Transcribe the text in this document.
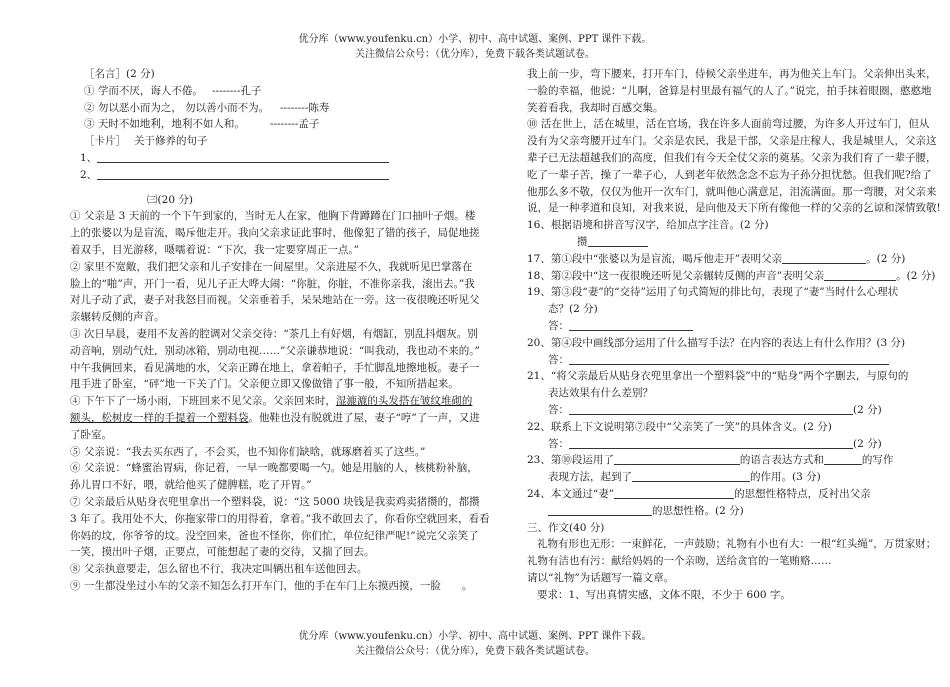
优分库（www.youfenku.cn）小学、初中、高中试题、案例、PPT 课件下载。
关注微信公众号：（优分库），免费下载各类试题试卷。
［名言］(2 分)
① 学而不厌，诲人不倦。 --------孔子
② 勿以恶小而为之， 勿以善小而不为。 --------陈寿
③ 天时不如地利，地利不如人和。 --------孟子
［卡片］ 关于修养的句子
1、
2、
㈢(20 分)
① 父亲是 3 天前的一个下午到家的，当时无人在家，他胸下背蹲蹲在门口抽叶子烟。楼
上的张婆以为是盲流，喝斥他走开。我向父亲求证此事时，他像犯了错的孩子，局促地搓
着双手，目光游移，嗫嚅着说：“下次，我一定要穿周正一点。”
② 家里不宽敞，我们把父亲和儿子安排在一间屋里。父亲进屋不久，我就听见巴掌落在
脸上的“啪”声，开门一看，见儿子正大哗大闹：“你脏，你脏，不准你亲我，滚出去。”我
对儿子动了武，妻子对我怒目而视。父亲垂着手，呆呆地站在一旁。这一夜很晚还听见父
亲辗转反侧的声音。
③ 次日早晨，妻用不友善的腔调对父亲交待：“茶几上有好烟，有烟缸，别乱抖烟灰。别
动音响，别动气灶，别动冰箱，别动电视……”父亲谦恭地说：“叫我动，我也动不来的。”
中午我俩回来，看见满地的水，父亲正蹲在地上，拿着帕子，手忙脚乱地擦地板。妻子一
甩手进了卧室，“砰”地一下关了门。父亲便立即又像做错了事一般，不知所措起来。
④ 下午下了一场小雨，下班回来不见父亲。父亲回来时，湿漉漉的头发搭在皱纹堆砌的
额头，松树皮一样的手提着一个塑料袋。他鞋也没有脱就进了屋，妻子“哼”了一声，又进
了卧室。
⑤ 父亲说：“我去买东西了，不会买，也不知你们缺啥，就琢磨着买了这些。”
⑥ 父亲说：“蜂蜜治胃病，你记着，一早一晚都要喝一勺。她是用脑的人，核桃粉补脑，
孙儿胃口不好，喂，就给他买了健脾糕，吃了开胃。”
⑦ 父亲最后从贴身衣兜里拿出一个塑料袋，说：“这 5000 块钱是我卖鸡卖猪攒的，都攒
3 年了。我用处不大，你拖家带口的用得着，拿着。”我不敢回去了，你看你空就回来，看看
你妈的坟，你爷爷的坟。没空回来，爸也不怪你，你们忙，单位纪律严呢!”说完父亲笑了
一笑，摸出叶子烟，正要点，可能想起了妻的交待，又揣了回去。
⑧ 父亲执意要走，怎么留也不行，我决定叫辆出租车送他回去。
⑨ 一生都没坐过小车的父亲不知怎么打开车门，他的手在车门上东摸西摸，一脸　　。
我上前一步，弯下腰来，打开车门，侍候父亲坐进车，再为他关上车门。父亲伸出头来，
一脸的幸福，他说：“儿啊，爸算是村里最有福气的人了。”说完，拍手抹着眼圈，憨憨地
笑着看我，我却时百感交集。
⑩ 活在世上，活在城里，活在官场，我在许多人面前弯过腰，为许多人开过车门，但从
没有为父亲弯腰开过车门。父亲是农民，我是干部，父亲是庄稼人，我是城里人，父亲这
辈子已无法超越我们的高度，但我们有今天全仗父亲的奠基。父亲为我们育了一辈子腰，
吃了一辈子苦，操了一辈子心，人到老年依然念念不忘为子孙分担忧愁。但我们呢?给了
他那么多不敬，仅仅为他开一次车门，就叫他心满意足，泪流满面。那一弯腰，对父亲来
说，是一种孝道和良知，对我来说，是向他及天下所有像他一样的父亲的乞谅和深情致敬!
16、根据语境和拼音写汉字，给加点字注音。(2 分)
攒
17、第①段中“张婆以为是盲流，喝斥他走开”表明父亲	。(2 分)
18、第②段中“这一夜很晚还听见父亲辗转反侧的声音”表明父亲	。(2 分)
19、第③段“妻”的“交待”运用了句式简短的排比句，表现了“妻”当时什么心理状
态？(2 分)
答：
20、第④段中画线部分运用了什么描写手法？在内容的表达上有什么作用？(3 分)
答：
21、“将父亲最后从贴身衣兜里拿出一个塑料袋”中的“贴身”两个字删去，与原句的
表达效果有什么差别？
答：	(2 分)
22、联系上下文说明第⑦段中“父亲笑了一笑”的具体含义。(2 分)
答：	(2 分)
23、第⑩段运用了	的语言表达方式和	的写作
表现方法，起到了	的作用。(3 分)
24、本文通过“妻”	的思想性格特点，反衬出父亲
的思想性格。(2 分)
三、作文(40 分)
礼物有形也无形：一束鲜花，一声鼓励；礼物有小也有大：一根“红头绳”，万贯家财；
礼物有洁也有污：献给妈妈的一个亲吻，送给贪官的一笔贿赂……
请以“礼物”为话题写一篇文章。
要求：1、写出真情实感，文体不限，不少于 600 字。
优分库（www.youfenku.cn）小学、初中、高中试题、案例、PPT 课件下载。
关注微信公众号：（优分库），免费下载各类试题试卷。
